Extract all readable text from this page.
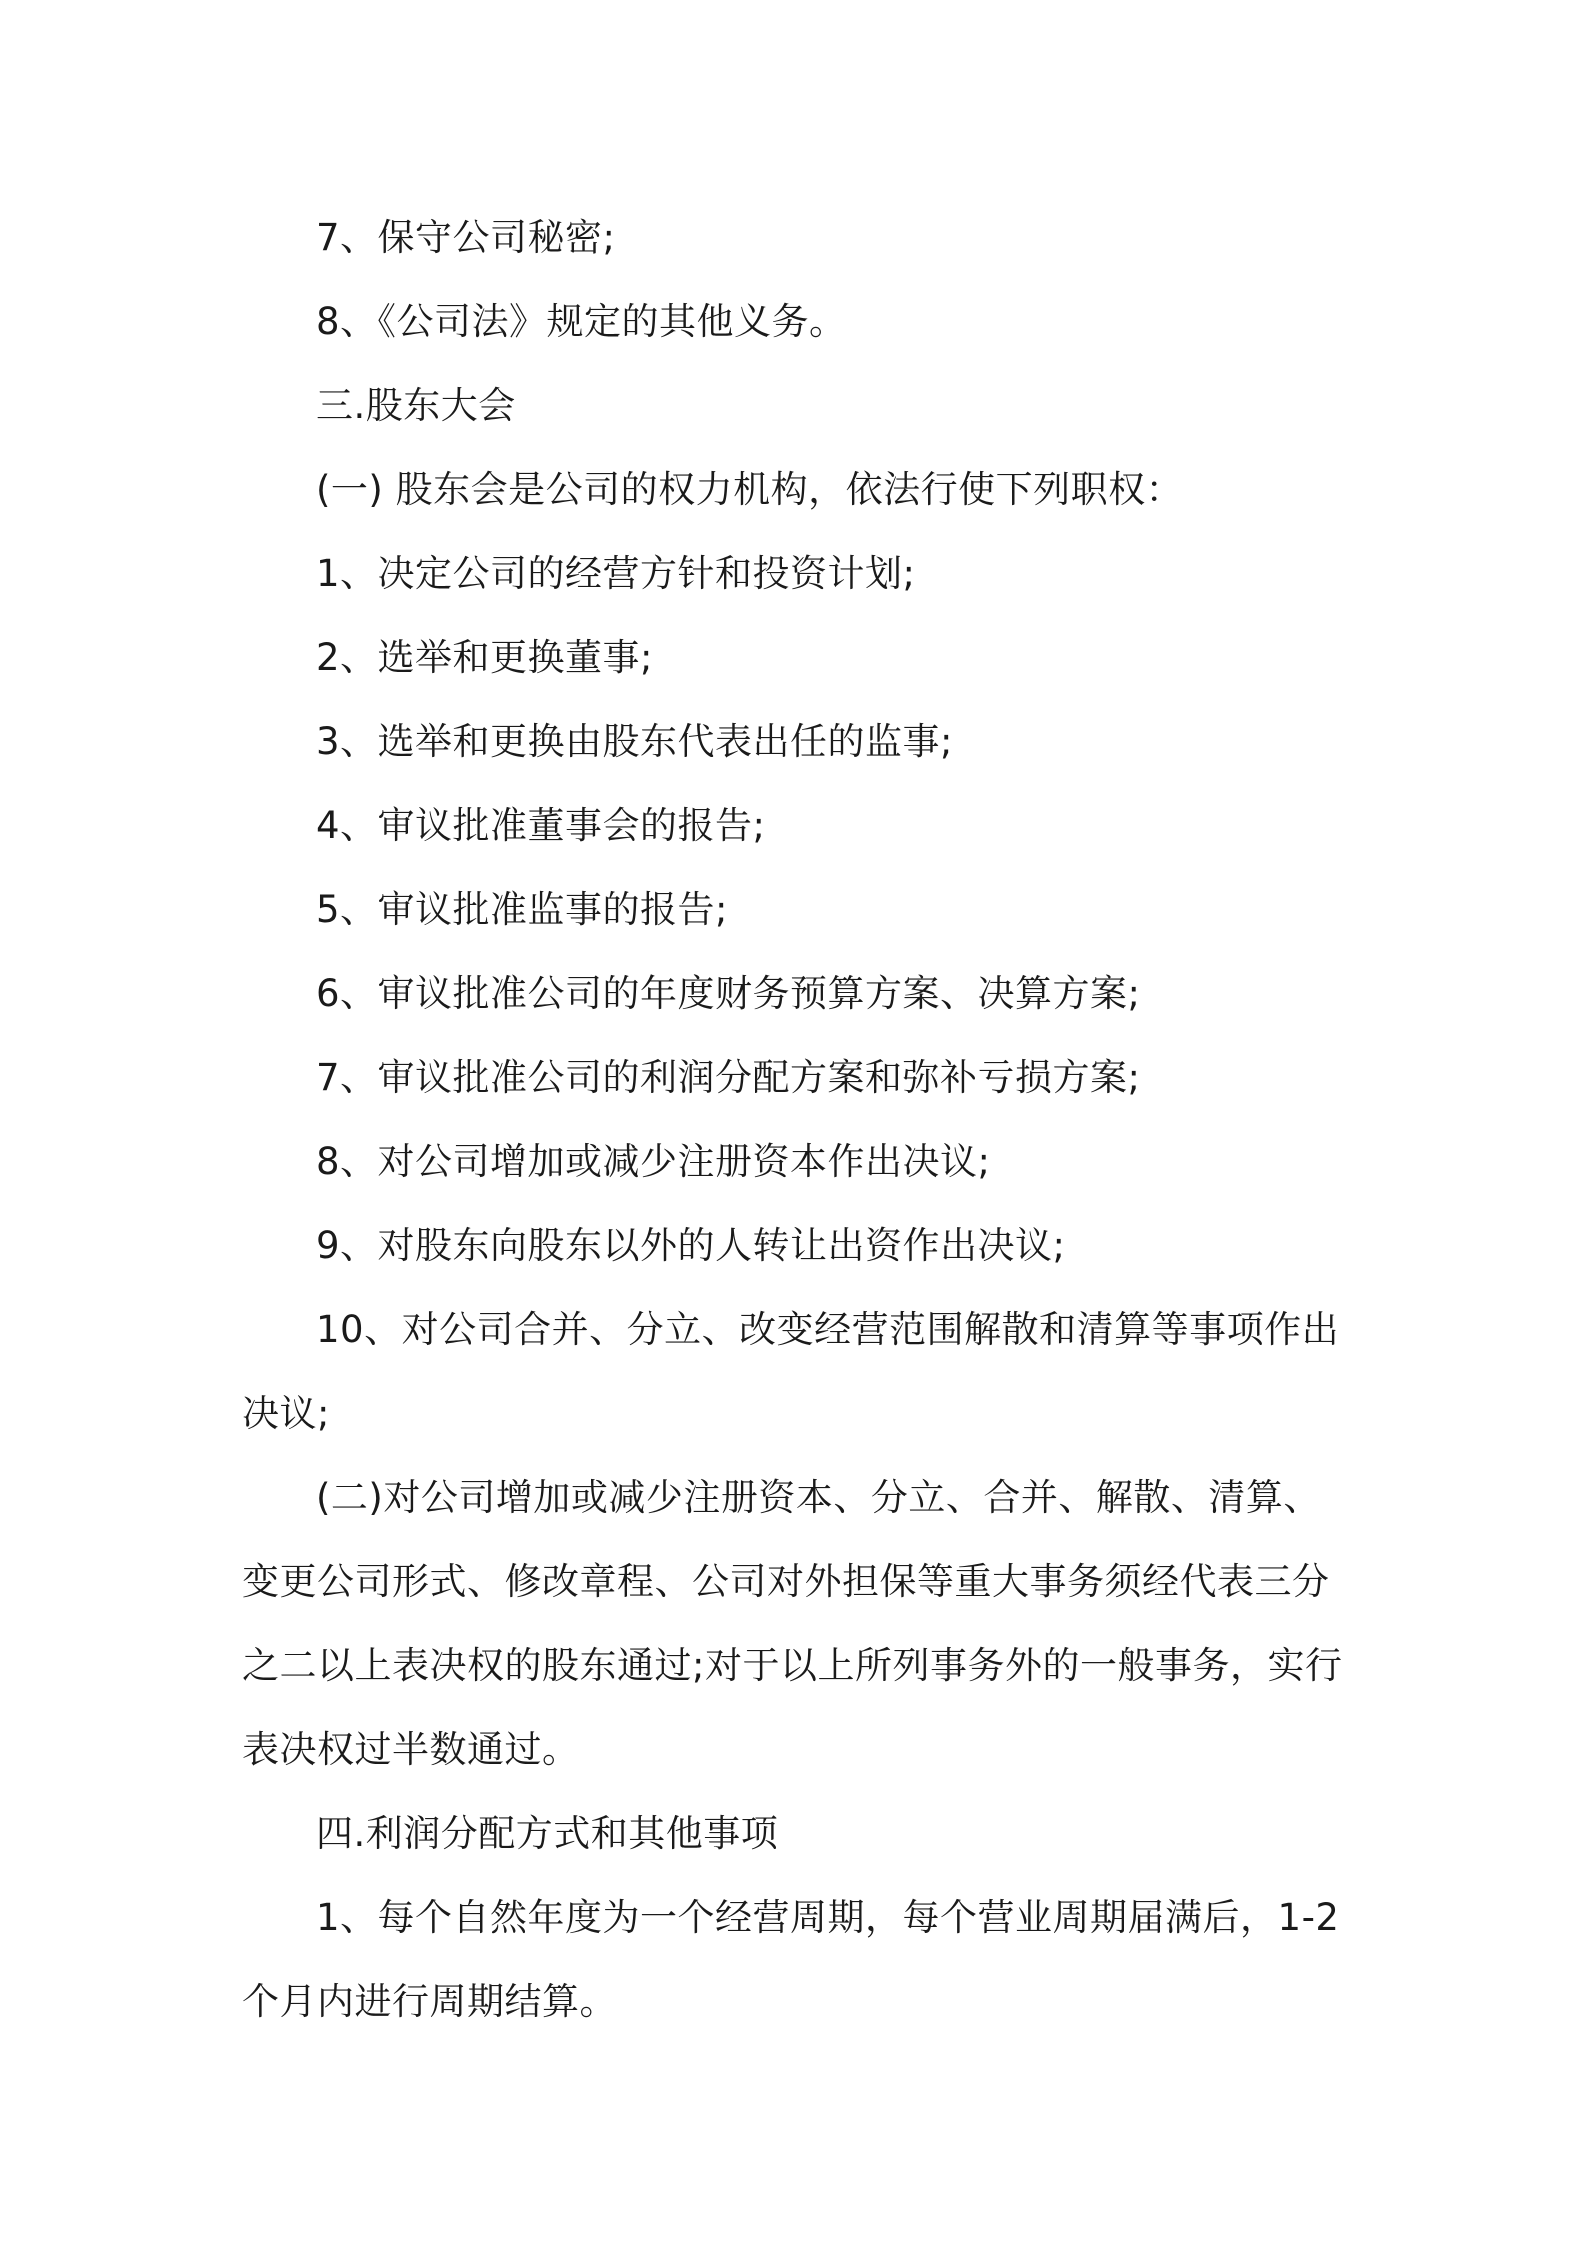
7、保守公司秘密;

8、《公司法》规定的其他义务。

三.股东大会

(一) 股东会是公司的权力机构，依法行使下列职权：

1、决定公司的经营方针和投资计划;

2、选举和更换董事;

3、选举和更换由股东代表出任的监事;

4、审议批准董事会的报告;

5、审议批准监事的报告;

6、审议批准公司的年度财务预算方案、决算方案;

7、审议批准公司的利润分配方案和弥补亏损方案;

8、对公司增加或减少注册资本作出决议;

9、对股东向股东以外的人转让出资作出决议;

10、对公司合并、分立、改变经营范围解散和清算等事项作出决议;

(二)对公司增加或减少注册资本、分立、合并、解散、清算、变更公司形式、修改章程、公司对外担保等重大事务须经代表三分之二以上表决权的股东通过;对于以上所列事务外的一般事务，实行表决权过半数通过。

四.利润分配方式和其他事项

1、每个自然年度为一个经营周期，每个营业周期届满后，1-2个月内进行周期结算。
